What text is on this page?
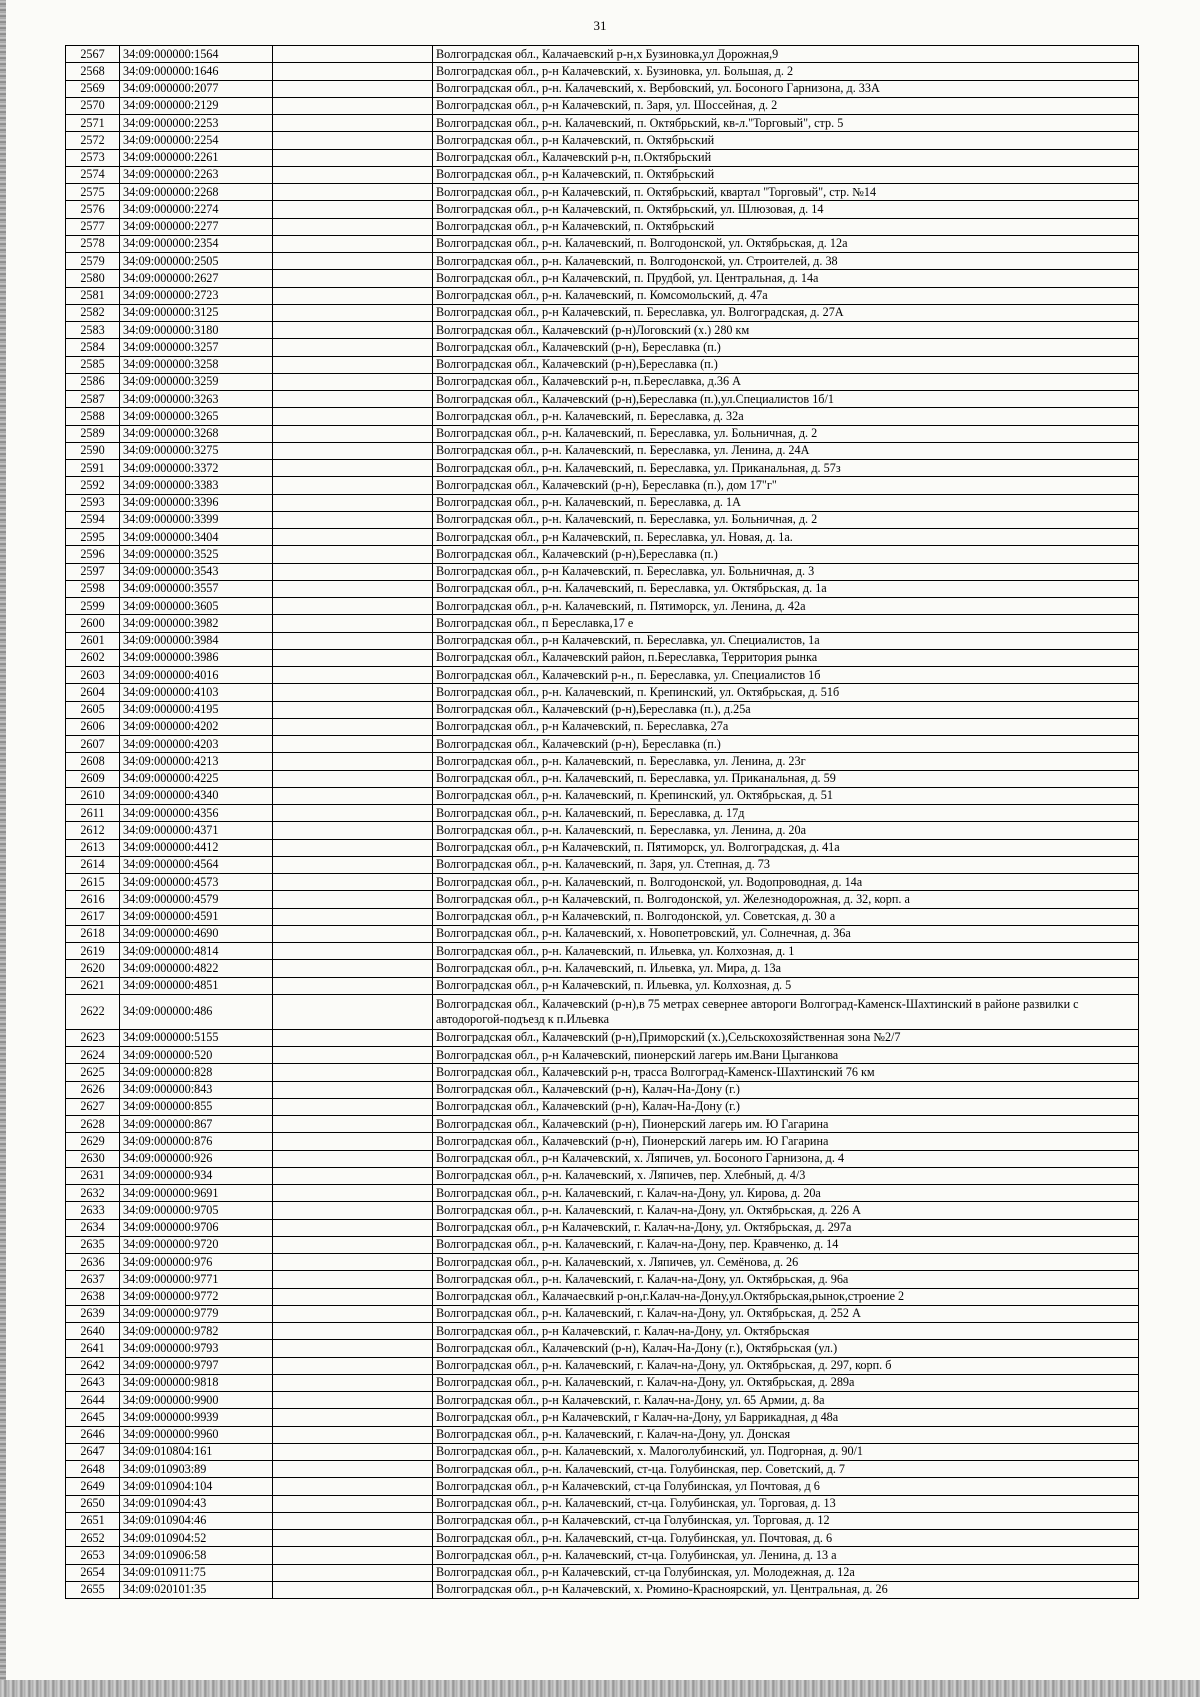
31
2567	34:09:000000:1564		Волгоградская обл., Калачаевский р-н,х Бузиновка,ул Дорожная,9
2568	34:09:000000:1646		Волгоградская обл., р-н Калачевский, х. Бузиновка, ул. Большая, д. 2
2569	34:09:000000:2077		Волгоградская обл., р-н. Калачевский, х. Вербовский, ул. Босоного Гарнизона, д. 33А
2570	34:09:000000:2129		Волгоградская обл., р-н Калачевский, п. Заря, ул. Шоссейная, д. 2
2571	34:09:000000:2253		Волгоградская обл., р-н. Калачевский, п. Октябрьский, кв-л."Торговый", стр. 5
2572	34:09:000000:2254		Волгоградская обл., р-н Калачевский, п. Октябрьский
2573	34:09:000000:2261		Волгоградская обл., Калачевский р-н, п.Октябрьский
2574	34:09:000000:2263		Волгоградская обл., р-н Калачевский, п. Октябрьский
2575	34:09:000000:2268		Волгоградская обл., р-н Калачевский, п. Октябрьский, квартал "Торговый", стр. №14
2576	34:09:000000:2274		Волгоградская обл., р-н Калачевский, п. Октябрьский, ул. Шлюзовая, д. 14
2577	34:09:000000:2277		Волгоградская обл., р-н Калачевский, п. Октябрьский
2578	34:09:000000:2354		Волгоградская обл., р-н. Калачевский, п. Волгодонской, ул. Октябрьская, д. 12а
2579	34:09:000000:2505		Волгоградская обл., р-н. Калачевский, п. Волгодонской, ул. Строителей, д. 38
2580	34:09:000000:2627		Волгоградская обл., р-н Калачевский, п. Прудбой, ул. Центральная, д. 14а
2581	34:09:000000:2723		Волгоградская обл., р-н. Калачевский, п. Комсомольский, д. 47а
2582	34:09:000000:3125		Волгоградская обл., р-н Калачевский, п. Береславка, ул. Волгоградская, д. 27А
2583	34:09:000000:3180		Волгоградская обл., Калачевский (р-н)Логовский (х.) 280 км
2584	34:09:000000:3257		Волгоградская обл., Калачевский (р-н), Береславка (п.)
2585	34:09:000000:3258		Волгоградская обл., Калачевский (р-н),Береславка (п.)
2586	34:09:000000:3259		Волгоградская обл., Калачевский р-н, п.Береславка, д.36 А
2587	34:09:000000:3263		Волгоградская обл., Калачевский (р-н),Береславка (п.),ул.Специалистов 1б/1
2588	34:09:000000:3265		Волгоградская обл., р-н. Калачевский, п. Береславка, д. 32а
2589	34:09:000000:3268		Волгоградская обл., р-н. Калачевский, п. Береславка, ул. Больничная, д. 2
2590	34:09:000000:3275		Волгоградская обл., р-н. Калачевский, п. Береславка, ул. Ленина, д. 24А
2591	34:09:000000:3372		Волгоградская обл., р-н. Калачевский, п. Береславка, ул. Приканальная, д. 57з
2592	34:09:000000:3383		Волгоградская обл., Калачевский (р-н), Береславка (п.), дом 17"г"
2593	34:09:000000:3396		Волгоградская обл., р-н. Калачевский, п. Береславка, д. 1А
2594	34:09:000000:3399		Волгоградская обл., р-н. Калачевский, п. Береславка, ул. Больничная, д. 2
2595	34:09:000000:3404		Волгоградская обл., р-н Калачевский, п. Береславка, ул. Новая, д. 1а.
2596	34:09:000000:3525		Волгоградская обл., Калачевский (р-н),Береславка (п.)
2597	34:09:000000:3543		Волгоградская обл., р-н Калачевский, п. Береславка, ул. Больничная, д. 3
2598	34:09:000000:3557		Волгоградская обл., р-н. Калачевский, п. Береславка, ул. Октябрьская, д. 1а
2599	34:09:000000:3605		Волгоградская обл., р-н. Калачевский, п. Пятиморск, ул. Ленина, д. 42а
2600	34:09:000000:3982		Волгоградская обл., п Береславка,17 е
2601	34:09:000000:3984		Волгоградская обл., р-н Калачевский, п. Береславка, ул. Специалистов, 1а
2602	34:09:000000:3986		Волгоградская обл., Калачевский район, п.Береславка, Территория рынка
2603	34:09:000000:4016		Волгоградская обл., Калачевский р-н., п. Береславка, ул. Специалистов 1б
2604	34:09:000000:4103		Волгоградская обл., р-н. Калачевский, п. Крепинский, ул. Октябрьская, д. 51б
2605	34:09:000000:4195		Волгоградская обл., Калачевский (р-н),Береславка (п.), д.25а
2606	34:09:000000:4202		Волгоградская обл., р-н Калачевский, п. Береславка, 27а
2607	34:09:000000:4203		Волгоградская обл., Калачевский (р-н), Береславка (п.)
2608	34:09:000000:4213		Волгоградская обл., р-н. Калачевский, п. Береславка, ул. Ленина, д. 23г
2609	34:09:000000:4225		Волгоградская обл., р-н. Калачевский, п. Береславка, ул. Приканальная, д. 59
2610	34:09:000000:4340		Волгоградская обл., р-н. Калачевский, п. Крепинский, ул. Октябрьская, д. 51
2611	34:09:000000:4356		Волгоградская обл., р-н. Калачевский, п. Береславка, д. 17д
2612	34:09:000000:4371		Волгоградская обл., р-н. Калачевский, п. Береславка, ул. Ленина, д. 20а
2613	34:09:000000:4412		Волгоградская обл., р-н Калачевский, п. Пятиморск, ул. Волгоградская, д. 41а
2614	34:09:000000:4564		Волгоградская обл., р-н. Калачевский, п. Заря, ул. Степная, д. 73
2615	34:09:000000:4573		Волгоградская обл., р-н. Калачевский, п. Волгодонской, ул. Водопроводная, д. 14а
2616	34:09:000000:4579		Волгоградская обл., р-н Калачевский, п. Волгодонской, ул. Железнодорожная, д. 32, корп. а
2617	34:09:000000:4591		Волгоградская обл., р-н Калачевский, п. Волгодонской, ул. Советская, д. 30 а
2618	34:09:000000:4690		Волгоградская обл., р-н. Калачевский, х. Новопетровский, ул. Солнечная, д. 36а
2619	34:09:000000:4814		Волгоградская обл., р-н. Калачевский, п. Ильевка, ул. Колхозная, д. 1
2620	34:09:000000:4822		Волгоградская обл., р-н. Калачевский, п. Ильевка, ул. Мира, д. 13а
2621	34:09:000000:4851		Волгоградская обл., р-н Калачевский, п. Ильевка, ул. Колхозная, д. 5
2622	34:09:000000:486		Волгоградская обл., Калачевский (р-н),в 75 метрах севернее автороги Волгоград-Каменск-Шахтинский в районе развилки с автодорогой-подъезд к п.Ильевка
2623	34:09:000000:5155		Волгоградская обл., Калачевский (р-н),Приморский (х.),Сельскохозяйственная зона №2/7
2624	34:09:000000:520		Волгоградская обл., р-н Калачевский, пионерский лагерь им.Вани Цыганкова
2625	34:09:000000:828		Волгоградская обл., Калачевский р-н, трасса Волгоград-Каменск-Шахтинский 76 км
2626	34:09:000000:843		Волгоградская обл., Калачевский (р-н), Калач-На-Дону (г.)
2627	34:09:000000:855		Волгоградская обл., Калачевский (р-н), Калач-На-Дону (г.)
2628	34:09:000000:867		Волгоградская обл., Калачевский (р-н), Пионерский лагерь им. Ю Гагарина
2629	34:09:000000:876		Волгоградская обл., Калачевский (р-н), Пионерский лагерь им. Ю Гагарина
2630	34:09:000000:926		Волгоградская обл., р-н Калачевский, х. Ляпичев, ул. Босоного Гарнизона, д. 4
2631	34:09:000000:934		Волгоградская обл., р-н. Калачевский, х. Ляпичев, пер. Хлебный, д. 4/3
2632	34:09:000000:9691		Волгоградская обл., р-н. Калачевский, г. Калач-на-Дону, ул. Кирова, д. 20а
2633	34:09:000000:9705		Волгоградская обл., р-н. Калачевский, г. Калач-на-Дону, ул. Октябрьская, д. 226 А
2634	34:09:000000:9706		Волгоградская обл., р-н Калачевский, г. Калач-на-Дону, ул. Октябрьская, д. 297а
2635	34:09:000000:9720		Волгоградская обл., р-н. Калачевский, г. Калач-на-Дону, пер. Кравченко, д. 14
2636	34:09:000000:976		Волгоградская обл., р-н. Калачевский, х. Ляпичев, ул. Семёнова, д. 26
2637	34:09:000000:9771		Волгоградская обл., р-н. Калачевский, г. Калач-на-Дону, ул. Октябрьская, д. 96а
2638	34:09:000000:9772		Волгоградская обл., Калачаесвкий р-он,г.Калач-на-Дону,ул.Октябрьская,рынок,строение 2
2639	34:09:000000:9779		Волгоградская обл., р-н. Калачевский, г. Калач-на-Дону, ул. Октябрьская, д. 252 А
2640	34:09:000000:9782		Волгоградская обл., р-н Калачевский, г. Калач-на-Дону, ул. Октябрьская
2641	34:09:000000:9793		Волгоградская обл., Калачевский (р-н), Калач-На-Дону (г.), Октябрьская (ул.)
2642	34:09:000000:9797		Волгоградская обл., р-н. Калачевский, г. Калач-на-Дону, ул. Октябрьская, д. 297, корп. б
2643	34:09:000000:9818		Волгоградская обл., р-н. Калачевский, г. Калач-на-Дону, ул. Октябрьская, д. 289а
2644	34:09:000000:9900		Волгоградская обл., р-н Калачевский, г. Калач-на-Дону, ул. 65 Армии, д. 8а
2645	34:09:000000:9939		Волгоградская обл., р-н Калачевский, г Калач-на-Дону, ул Баррикадная, д 48а
2646	34:09:000000:9960		Волгоградская обл., р-н. Калачевский, г. Калач-на-Дону, ул. Донская
2647	34:09:010804:161		Волгоградская обл., р-н. Калачевский, х. Малоголубинский, ул. Подгорная, д. 90/1
2648	34:09:010903:89		Волгоградская обл., р-н. Калачевский, ст-ца. Голубинская, пер. Советский, д. 7
2649	34:09:010904:104		Волгоградская обл., р-н Калачевский, ст-ца Голубинская, ул Почтовая, д 6
2650	34:09:010904:43		Волгоградская обл., р-н. Калачевский, ст-ца. Голубинская, ул. Торговая, д. 13
2651	34:09:010904:46		Волгоградская обл., р-н Калачевский, ст-ца Голубинская, ул. Торговая, д. 12
2652	34:09:010904:52		Волгоградская обл., р-н. Калачевский, ст-ца. Голубинская, ул. Почтовая, д. 6
2653	34:09:010906:58		Волгоградская обл., р-н. Калачевский, ст-ца. Голубинская, ул. Ленина, д. 13 а
2654	34:09:010911:75		Волгоградская обл., р-н Калачевский, ст-ца Голубинская, ул. Молодежная, д. 12а
2655	34:09:020101:35		Волгоградская обл., р-н Калачевский, х. Рюмино-Красноярский, ул. Центральная, д. 26
